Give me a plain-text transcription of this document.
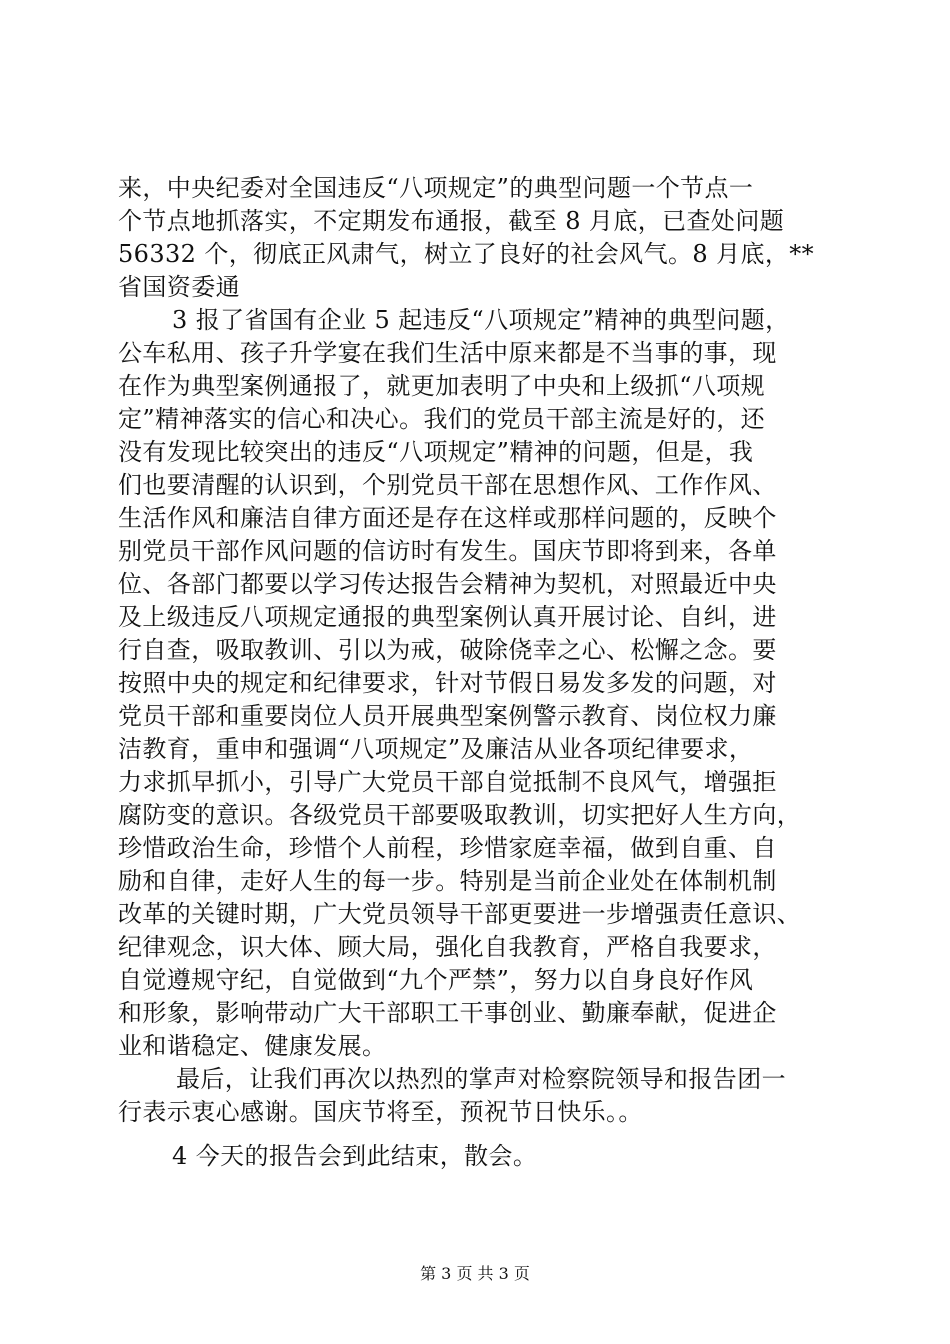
来，中央纪委对全国违反“八项规定”的典型问题一个节点一
个节点地抓落实，不定期发布通报，截至 8 月底，已查处问题
56332 个，彻底正风肃气，树立了良好的社会风气。8 月底，**
省国资委通
3 报了省国有企业 5 起违反“八项规定”精神的典型问题，
公车私用、孩子升学宴在我们生活中原来都是不当事的事，现
在作为典型案例通报了，就更加表明了中央和上级抓“八项规
定”精神落实的信心和决心。我们的党员干部主流是好的，还
没有发现比较突出的违反“八项规定”精神的问题，但是，我
们也要清醒的认识到，个别党员干部在思想作风、工作作风、
生活作风和廉洁自律方面还是存在这样或那样问题的，反映个
别党员干部作风问题的信访时有发生。国庆节即将到来，各单
位、各部门都要以学习传达报告会精神为契机，对照最近中央
及上级违反八项规定通报的典型案例认真开展讨论、自纠，进
行自查，吸取教训、引以为戒，破除侥幸之心、松懈之念。要
按照中央的规定和纪律要求，针对节假日易发多发的问题，对
党员干部和重要岗位人员开展典型案例警示教育、岗位权力廉
洁教育，重申和强调“八项规定”及廉洁从业各项纪律要求，
力求抓早抓小，引导广大党员干部自觉抵制不良风气，增强拒
腐防变的意识。各级党员干部要吸取教训，切实把好人生方向，
珍惜政治生命，珍惜个人前程，珍惜家庭幸福，做到自重、自
励和自律，走好人生的每一步。特别是当前企业处在体制机制
改革的关键时期，广大党员领导干部更要进一步增强责任意识、
纪律观念，识大体、顾大局，强化自我教育，严格自我要求，
自觉遵规守纪，自觉做到“九个严禁”，努力以自身良好作风
和形象，影响带动广大干部职工干事创业、勤廉奉献，促进企
业和谐稳定、健康发展。
最后，让我们再次以热烈的掌声对检察院领导和报告团一
行表示衷心感谢。国庆节将至，预祝节日快乐。。
4 今天的报告会到此结束，散会。
第 3 页 共 3 页
